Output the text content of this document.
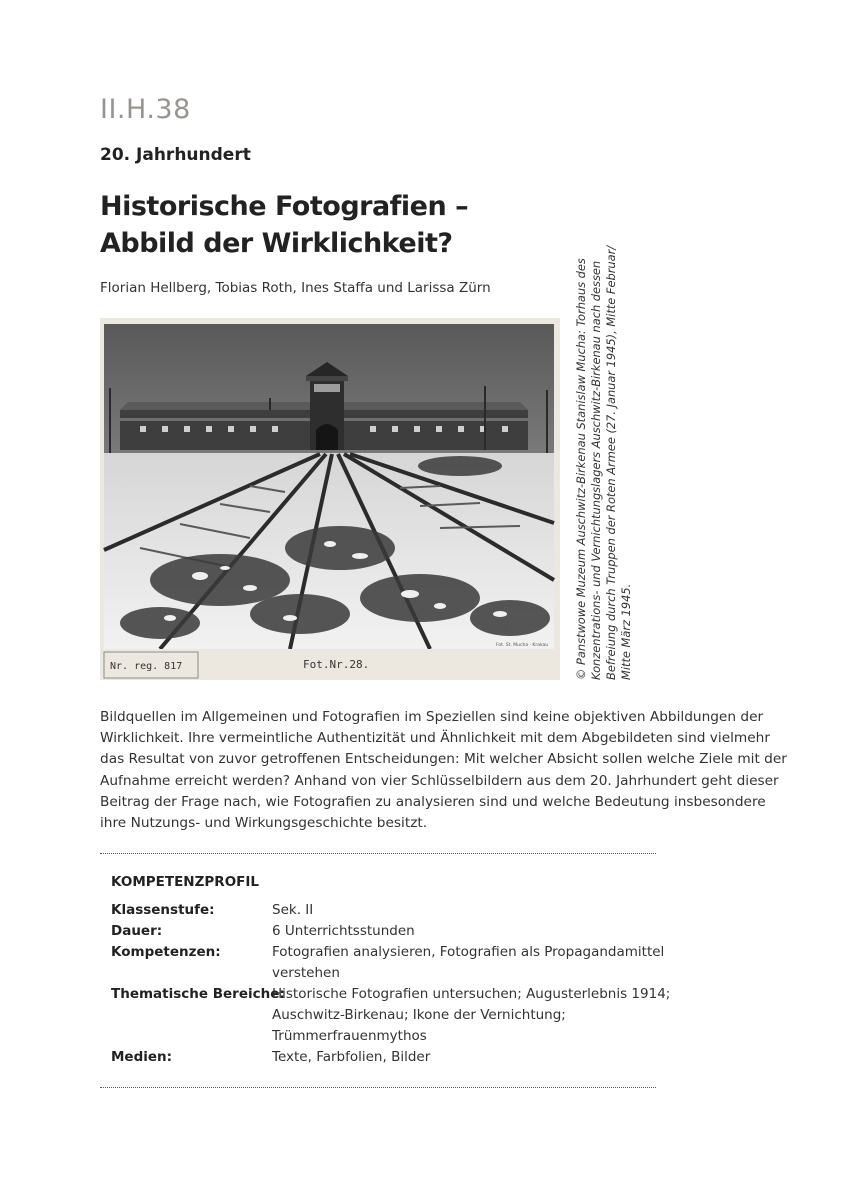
II.H.38
20. Jahrhundert
Historische Fotografien –
Abbild der Wirklichkeit?
Florian Hellberg, Tobias Roth, Ines Staffa und Larissa Zürn
Nr. reg. 817	Fot.Nr.28.
Fot. St. Mucha · Krakau © Panstwowe Muzeum Auschwitz-Birkenau Stanislaw Mucha: Torhaus des Konzentrations- und Vernichtungslagers Auschwitz-Birkenau nach dessen Befreiung durch Truppen der Roten Armee (27. Januar 1945), Mitte Februar/ Mitte März 1945.
Bildquellen im Allgemeinen und Fotografien im Speziellen sind keine objektiven Abbildungen der
Wirklichkeit. Ihre vermeintliche Authentizität und Ähnlichkeit mit dem Abgebildeten sind vielmehr
das Resultat von zuvor getroffenen Entscheidungen: Mit welcher Absicht sollen welche Ziele mit der
Aufnahme erreicht werden? Anhand von vier Schlüsselbildern aus dem 20. Jahrhundert geht dieser
Beitrag der Frage nach, wie Fotografien zu analysieren sind und welche Bedeutung insbesondere
ihre Nutzungs- und Wirkungsgeschichte besitzt.
KOMPETENZPROFIL
Klassenstufe:	Sek. II
Dauer:	6 Unterrichtsstunden
Kompetenzen:	Fotografien analysieren, Fotografien als Propagandamittel
verstehen
Thematische Bereiche:
Historische Fotografien untersuchen; Augusterlebnis 1914;
Auschwitz-Birkenau; Ikone der Vernichtung;
Trümmerfrauenmythos
Medien:	Texte, Farbfolien, Bilder
